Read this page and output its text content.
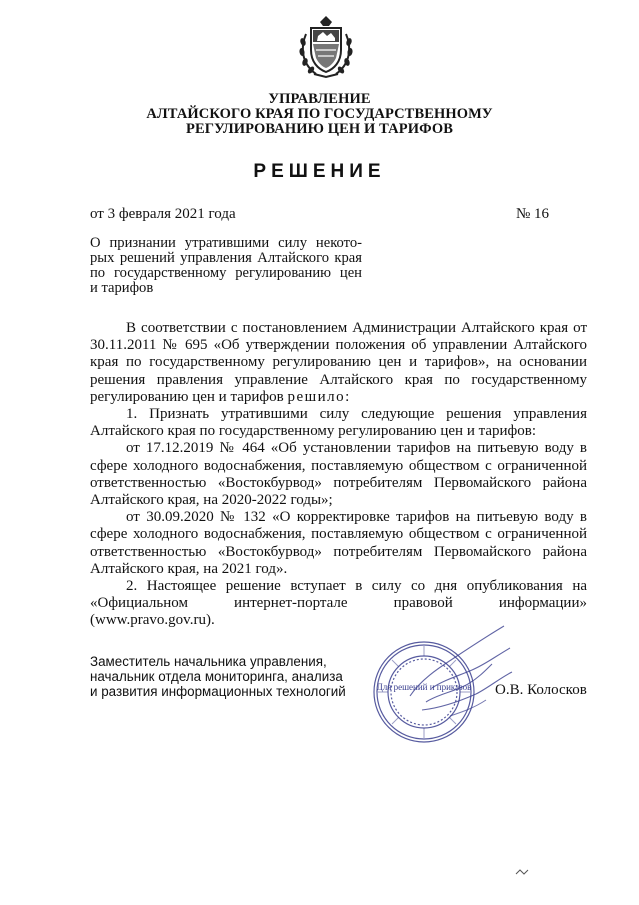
УПРАВЛЕНИЕ
АЛТАЙСКОГО КРАЯ ПО ГОСУДАРСТВЕННОМУ
РЕГУЛИРОВАНИЮ ЦЕН И ТАРИФОВ
РЕШЕНИЕ
от 3 февраля 2021 года	№ 16
О признании утратившими силу некото-
рых решений управления Алтайского края
по государственному регулированию цен
и тарифов

В соответствии с постановлением Администрации Алтайского края от 30.11.2011 № 695 «Об утверждении положения об управлении Алтайского края по государственному регулированию цен и тарифов», на основании решения правления управление Алтайского края по государственному регулированию цен и тарифов решило:

1. Признать утратившими силу следующие решения управления Алтайского края по государственному регулированию цен и тарифов:

от 17.12.2019 № 464 «Об установлении тарифов на питьевую воду в сфере холодного водоснабжения, поставляемую обществом с ограниченной ответственностью «Востокбурвод» потребителям Первомайского района Алтайского края, на 2020-2022 годы»;

от 30.09.2020 № 132 «О корректировке тарифов на питьевую воду в сфере холодного водоснабжения, поставляемую обществом с ограниченной ответственностью «Востокбурвод» потребителям Первомайского района Алтайского края, на 2021 год».

2. Настоящее решение вступает в силу со дня опубликования на «Официальном интернет-портале правовой информации» (www.pravo.gov.ru).

Заместитель начальника управления,
начальник отдела мониторинга, анализа
и развития информационных технологий	Для решений и приказов О.В. Колосков
